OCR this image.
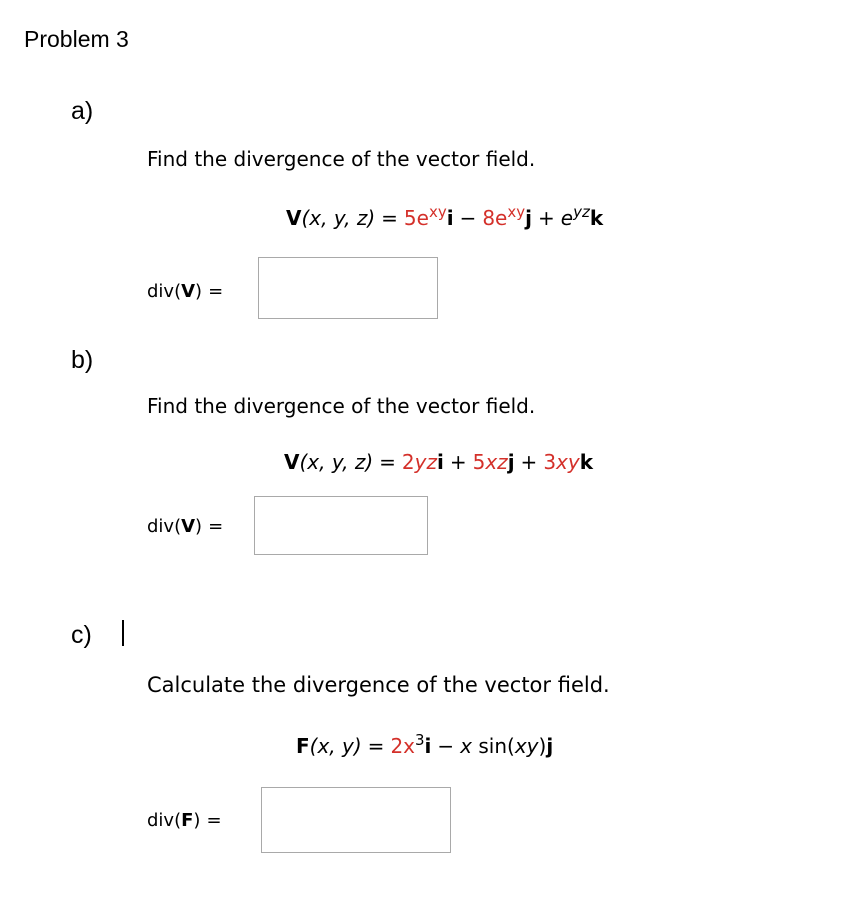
Problem 3
a)
Find the divergence of the vector field.
V(x, y, $z) = 5e^{xy}i - 8e^{xy}j + e^{yz}k$
div(V) =
b)
Find the divergence of the vector field.
V(x, y, z) = 2yzi + 5xzj + 3xyk
div(V) =
c)
Calculate the divergence of the vector field.
F(x, $y) = 2x^3i - x$ sin(xy)j
div(F) =
